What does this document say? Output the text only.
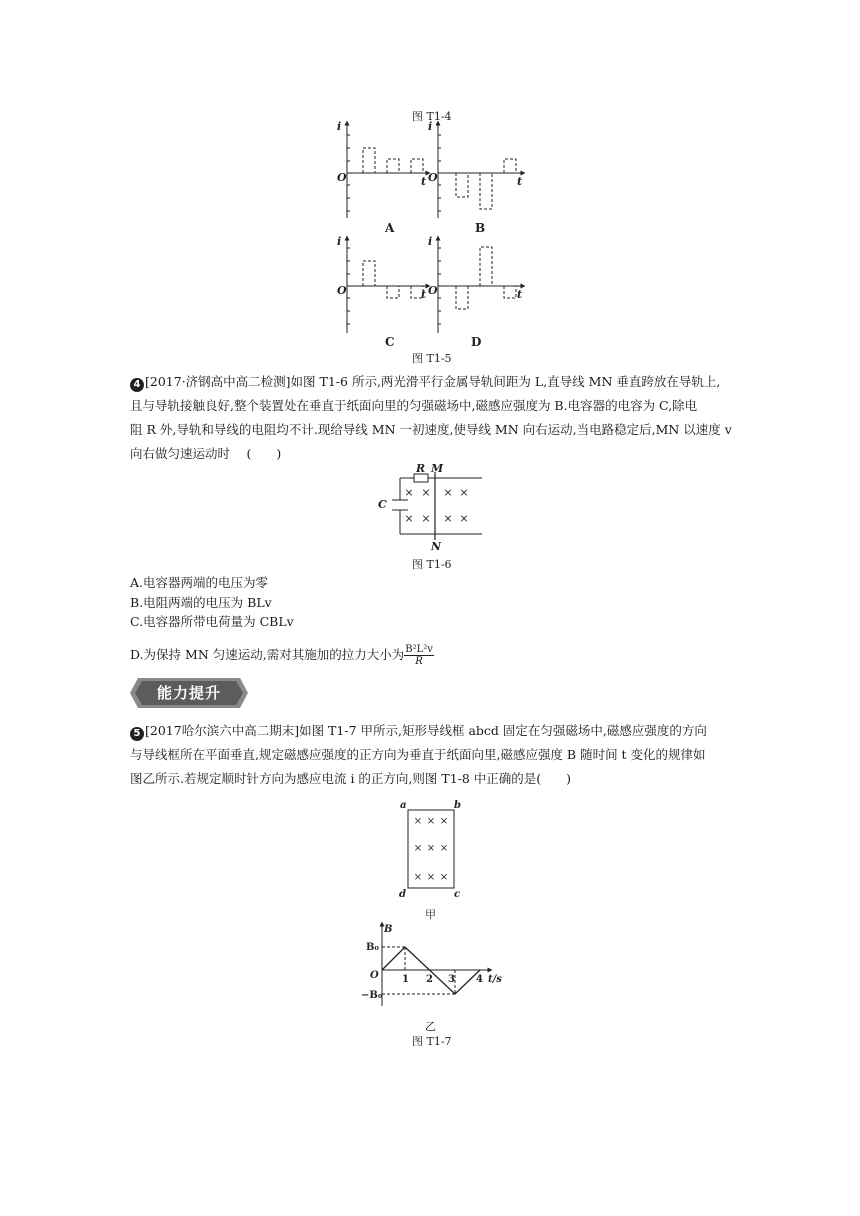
图 T1-4
i
O	t
i
O	t
i
O	t
i
O	t
A	B
C	D
图 T1-5
4 [2017·济钢高中高二检测]如图 T1-6 所示,两光滑平行金属导轨间距为 L,直导线 MN 垂直跨放在导轨上,
且与导轨接触良好,整个装置处在垂直于纸面向里的匀强磁场中,磁感应强度为 B.电容器的电容为 C,除电
阻 R 外,导轨和导线的电阻均不计.现给导线 MN 一初速度,使导线 MN 向右运动,当电路稳定后,MN 以速度 v
向右做匀速运动时　 (　　)
× × × ×
× × × ×
R M
N
C
图 T1-6
A.电容器两端的电压为零
B.电阻两端的电压为 BLv
C.电容器所带电荷量为 CBLv
D.为保持 MN 匀速运动,需对其施加的拉力大小为 $\frac{\text{B²L²v}}{R}$
能力提升
5 [2017哈尔滨六中高二期末]如图 T1-7 甲所示,矩形导线框 abcd 固定在匀强磁场中,磁感应强度的方向
与导线框所在平面垂直,规定磁感应强度的正方向为垂直于纸面向里,磁感应强度 B 随时间 t 变化的规律如
图乙所示.若规定顺时针方向为感应电流 i 的正方向,则图 T1-8 中正确的是(　　)
× × ×
× × ×
× × ×
a	b
c
d
甲
B
B₀
O
−B₀
1 2 3 4 t/s
乙
图 T1-7
